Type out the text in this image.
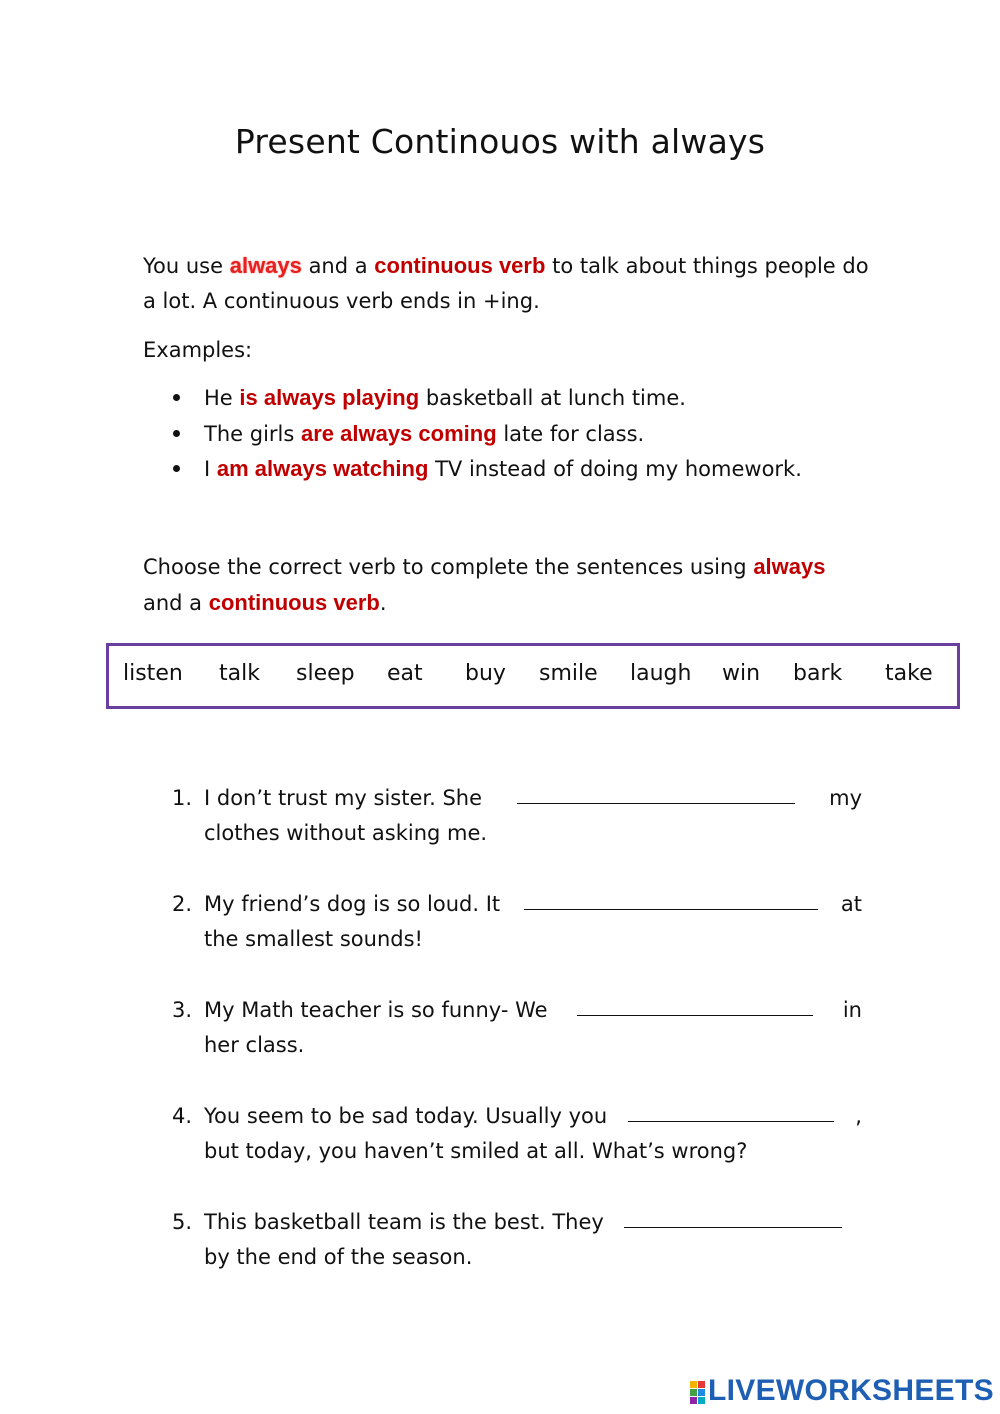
Present Continouos with always
You use always and a continuous verb to talk about things people do a lot. A continuous verb ends in +ing.
Examples:
He is always playing basketball at lunch time.
The girls are always coming late for class.
I am always watching TV instead of doing my homework.
Choose the correct verb to complete the sentences using always
and a continuous verb.
listen talk sleep eat buy smile laugh win bark take
1. I don’t trust my sister. She	my
clothes without asking me.
2. My friend’s dog is so loud. It	at
the smallest sounds!
3. My Math teacher is so funny- We	in
her class.
4. You seem to be sad today. Usually you	,
but today, you haven’t smiled at all. What’s wrong?
5. This basketball team is the best. They
by the end of the season.
LIVEWORKSHEETS
